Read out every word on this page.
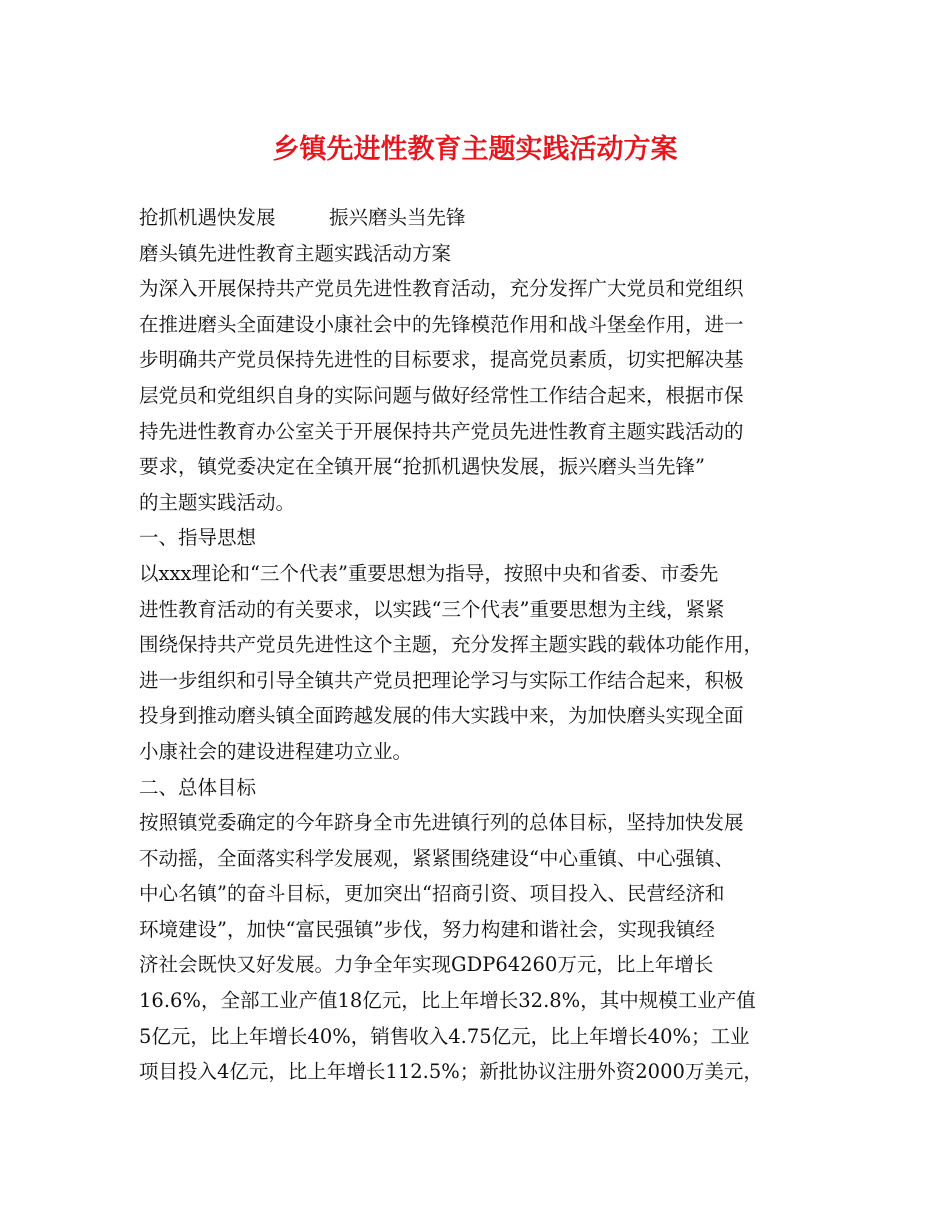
乡镇先进性教育主题实践活动方案
抢抓机遇快发展	振兴磨头当先锋
磨头镇先进性教育主题实践活动方案
为深入开展保持共产党员先进性教育活动，充分发挥广大党员和党组织
在推进磨头全面建设小康社会中的先锋模范作用和战斗堡垒作用，进一
步明确共产党员保持先进性的目标要求，提高党员素质，切实把解决基
层党员和党组织自身的实际问题与做好经常性工作结合起来，根据市保
持先进性教育办公室关于开展保持共产党员先进性教育主题实践活动的
要求，镇党委决定在全镇开展“抢抓机遇快发展，振兴磨头当先锋”
的主题实践活动。
一、指导思想
以xxx理论和“三个代表”重要思想为指导，按照中央和省委、市委先
进性教育活动的有关要求，以实践“三个代表”重要思想为主线，紧紧
围绕保持共产党员先进性这个主题，充分发挥主题实践的载体功能作用，
进一步组织和引导全镇共产党员把理论学习与实际工作结合起来，积极
投身到推动磨头镇全面跨越发展的伟大实践中来，为加快磨头实现全面
小康社会的建设进程建功立业。
二、总体目标
按照镇党委确定的今年跻身全市先进镇行列的总体目标，坚持加快发展
不动摇，全面落实科学发展观，紧紧围绕建设“中心重镇、中心强镇、
中心名镇”的奋斗目标，更加突出“招商引资、项目投入、民营经济和
环境建设”，加快“富民强镇”步伐，努力构建和谐社会，实现我镇经
济社会既快又好发展。力争全年实现GDP64260万元，比上年增长
16.6%，全部工业产值18亿元，比上年增长32.8%，其中规模工业产值
5亿元，比上年增长40%，销售收入4.75亿元，比上年增长40%；工业
项目投入4亿元，比上年增长112.5%；新批协议注册外资2000万美元，
